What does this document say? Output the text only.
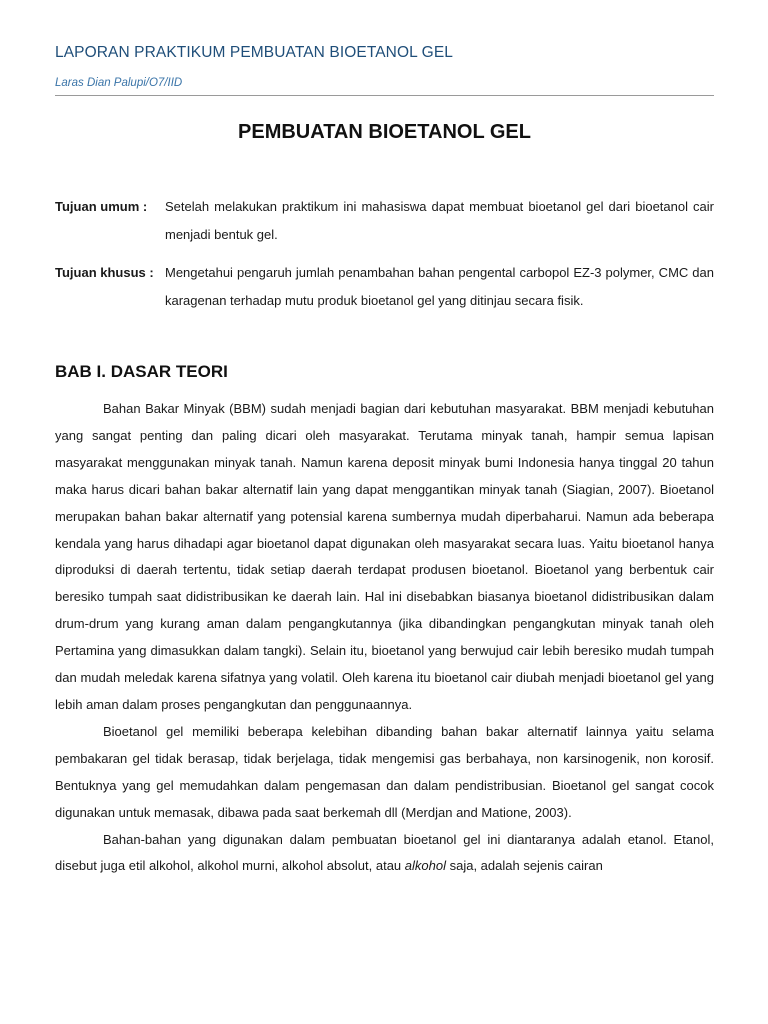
LAPORAN PRAKTIKUM PEMBUATAN BIOETANOL GEL
Laras Dian Palupi/O7/IID
PEMBUATAN BIOETANOL GEL
Tujuan umum :	Setelah melakukan praktikum ini mahasiswa dapat membuat bioetanol gel dari bioetanol cair menjadi bentuk gel.
Tujuan khusus : Mengetahui pengaruh jumlah penambahan bahan pengental carbopol EZ-3 polymer, CMC dan karagenan terhadap mutu produk bioetanol gel yang ditinjau secara fisik.
BAB I. DASAR TEORI

Bahan Bakar Minyak (BBM) sudah menjadi bagian dari kebutuhan masyarakat. BBM menjadi kebutuhan yang sangat penting dan paling dicari oleh masyarakat. Terutama minyak tanah, hampir semua lapisan masyarakat menggunakan minyak tanah. Namun karena deposit minyak bumi Indonesia hanya tinggal 20 tahun maka harus dicari bahan bakar alternatif lain yang dapat menggantikan minyak tanah (Siagian, 2007). Bioetanol merupakan bahan bakar alternatif yang potensial karena sumbernya mudah diperbaharui. Namun ada beberapa kendala yang harus dihadapi agar bioetanol dapat digunakan oleh masyarakat secara luas. Yaitu bioetanol hanya diproduksi di daerah tertentu, tidak setiap daerah terdapat produsen bioetanol. Bioetanol yang berbentuk cair beresiko tumpah saat didistribusikan ke daerah lain. Hal ini disebabkan biasanya bioetanol didistribusikan dalam drum-drum yang kurang aman dalam pengangkutannya (jika dibandingkan pengangkutan minyak tanah oleh Pertamina yang dimasukkan dalam tangki). Selain itu, bioetanol yang berwujud cair lebih beresiko mudah tumpah dan mudah meledak karena sifatnya yang volatil. Oleh karena itu bioetanol cair diubah menjadi bioetanol gel yang lebih aman dalam proses pengangkutan dan penggunaannya.

Bioetanol gel memiliki beberapa kelebihan dibanding bahan bakar alternatif lainnya yaitu selama pembakaran gel tidak berasap, tidak berjelaga, tidak mengemisi gas berbahaya, non karsinogenik, non korosif. Bentuknya yang gel memudahkan dalam pengemasan dan dalam pendistribusian. Bioetanol gel sangat cocok digunakan untuk memasak, dibawa pada saat berkemah dll (Merdjan and Matione, 2003).

Bahan-bahan yang digunakan dalam pembuatan bioetanol gel ini diantaranya adalah etanol. Etanol, disebut juga etil alkohol, alkohol murni, alkohol absolut, atau alkohol saja, adalah sejenis cairan
